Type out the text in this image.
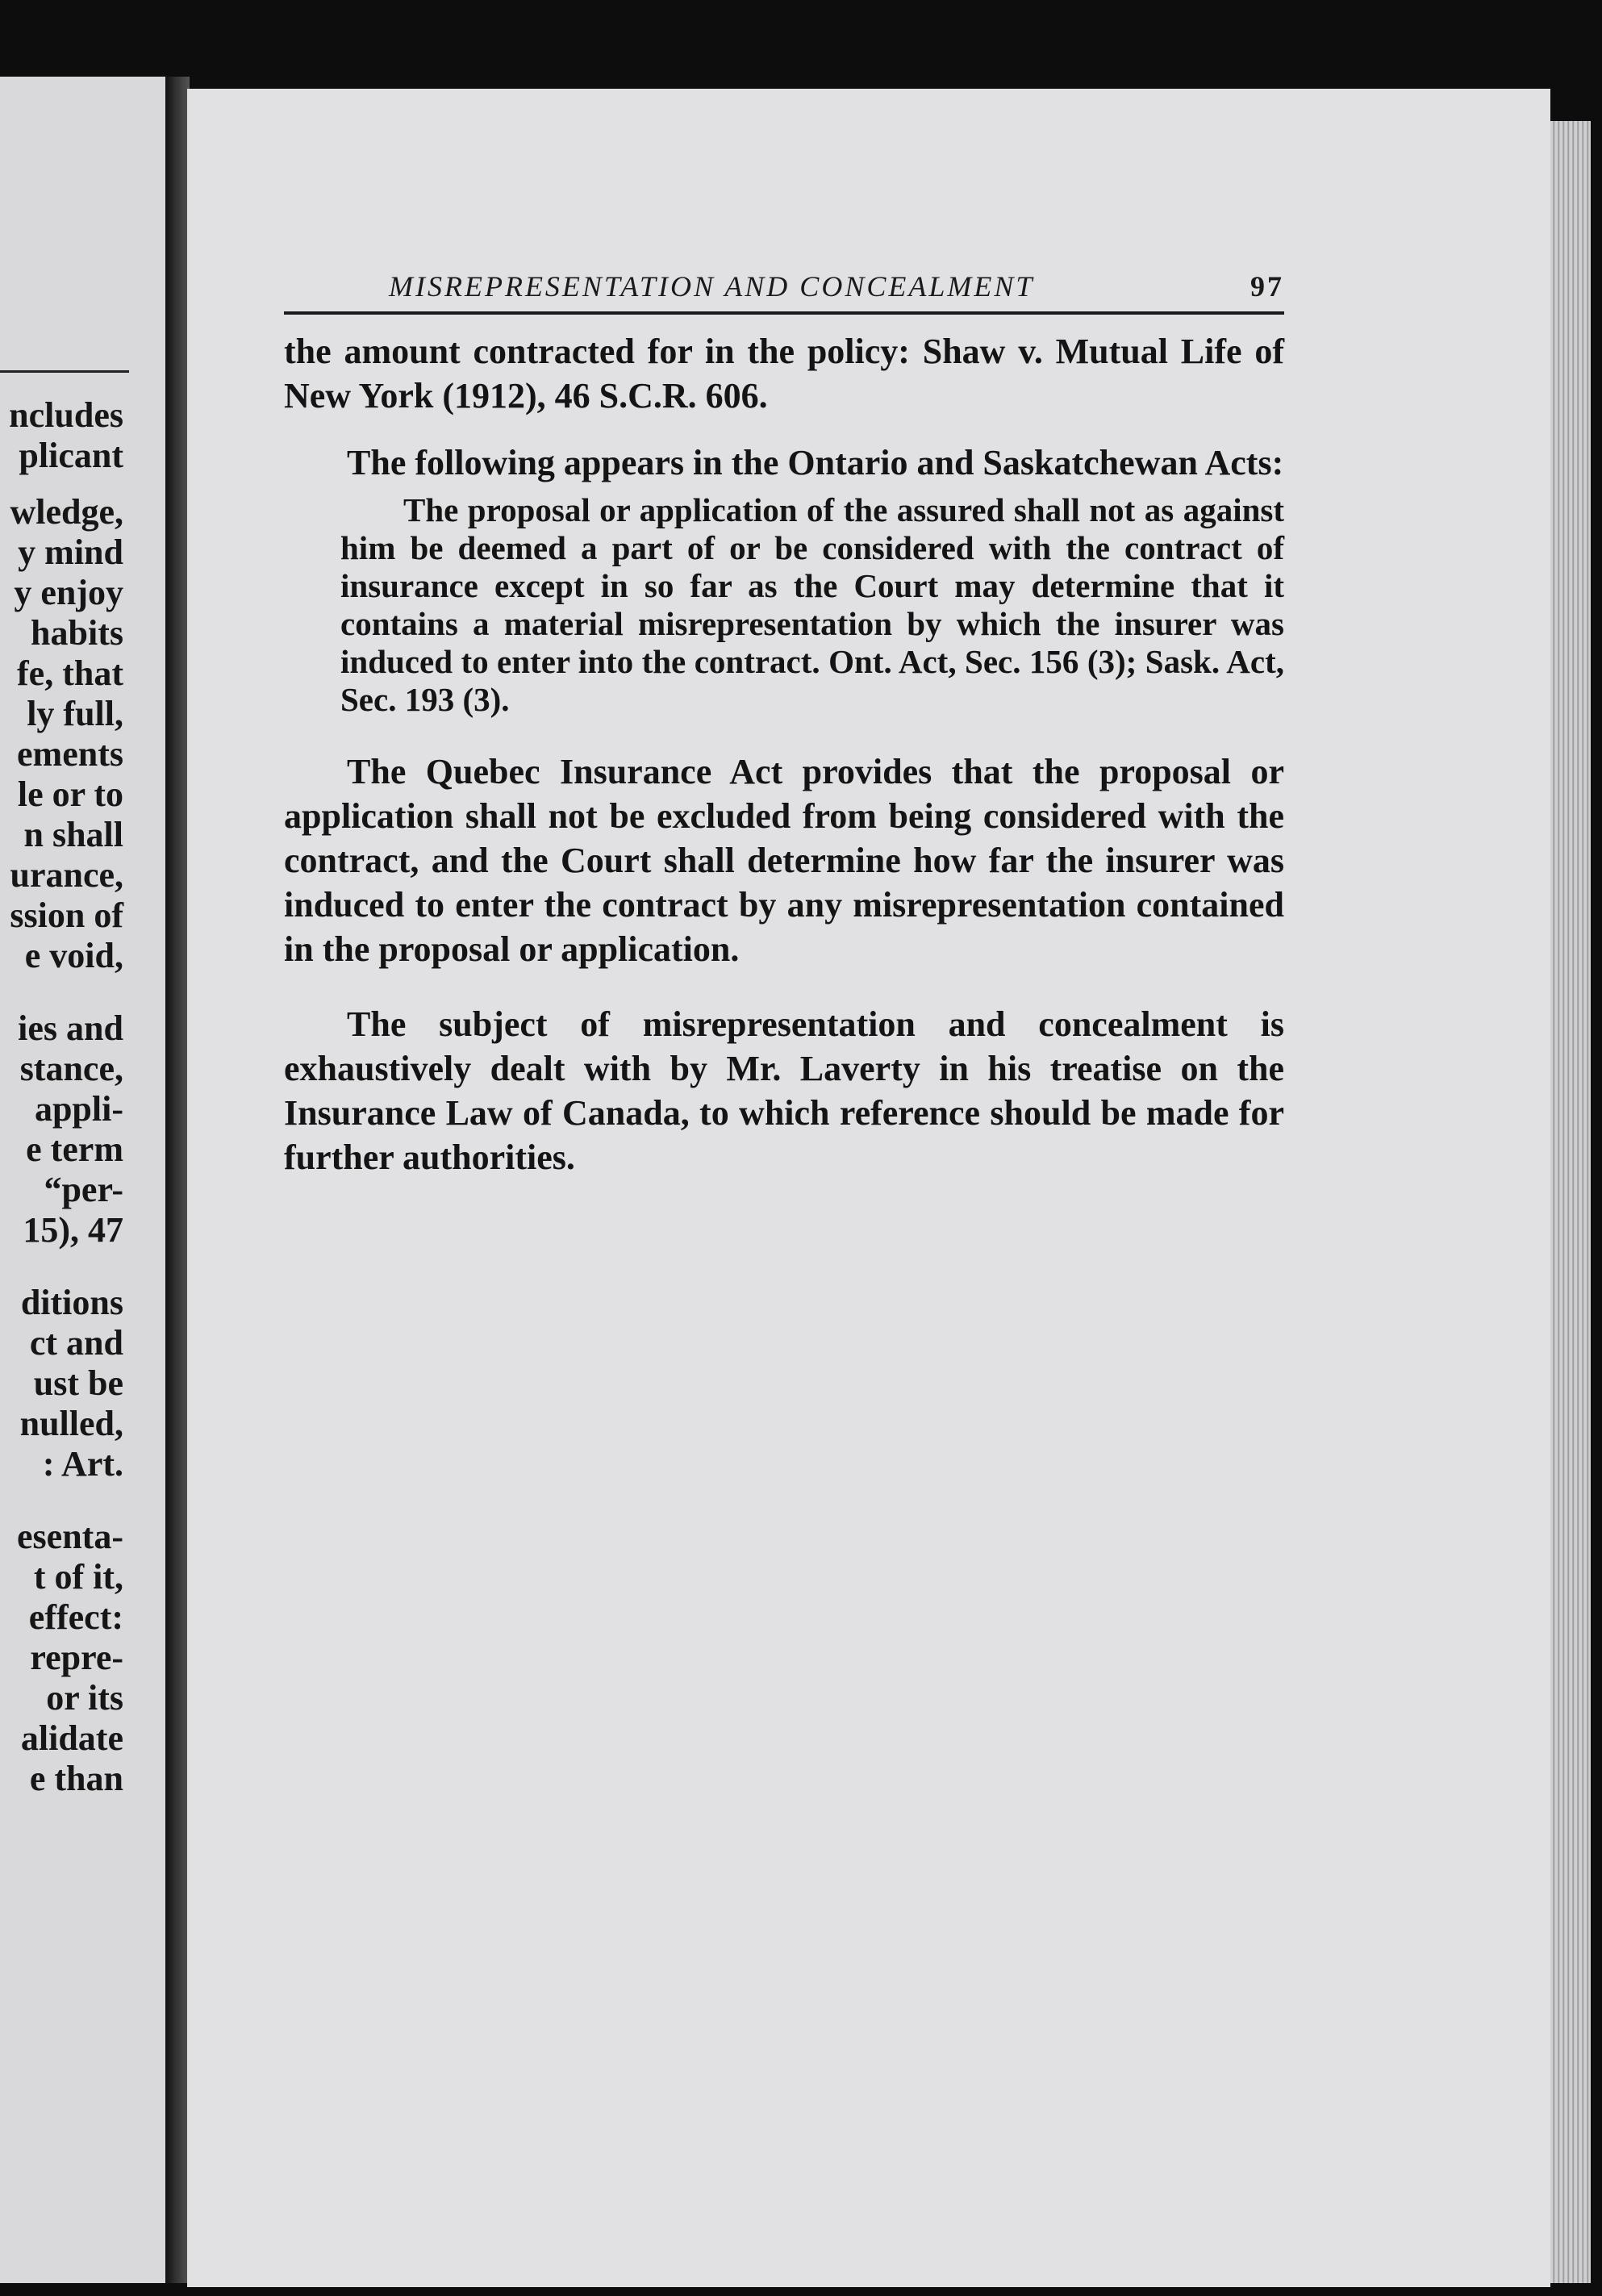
ncludes
plicant
wledge,
y mind
y enjoy
habits
fe, that
ly full,
ements
le or to
n shall
urance,
ssion of
e void,
ies and
stance,
appli-
e term
“per-
15), 47
ditions
ct and
ust be
nulled,
: Art.
esenta-
t of it,
effect:
repre-
or its
alidate
e than
MISREPRESENTATION AND CONCEALMENT	97

the amount contracted for in the policy: Shaw v. Mutual Life of New York (1912), 46 S.C.R. 606.

The following appears in the Ontario and Saskatchewan Acts:

The proposal or application of the assured shall not as against him be deemed a part of or be considered with the contract of insurance except in so far as the Court may determine that it contains a material misrepresentation by which the insurer was induced to enter into the contract. Ont. Act, Sec. 156 (3); Sask. Act, Sec. 193 (3).

The Quebec Insurance Act provides that the proposal or application shall not be excluded from being considered with the contract, and the Court shall determine how far the insurer was induced to enter the contract by any misrepresentation contained in the proposal or application.

The subject of misrepresentation and concealment is exhaustively dealt with by Mr. Laverty in his treatise on the Insurance Law of Canada, to which reference should be made for further authorities.
